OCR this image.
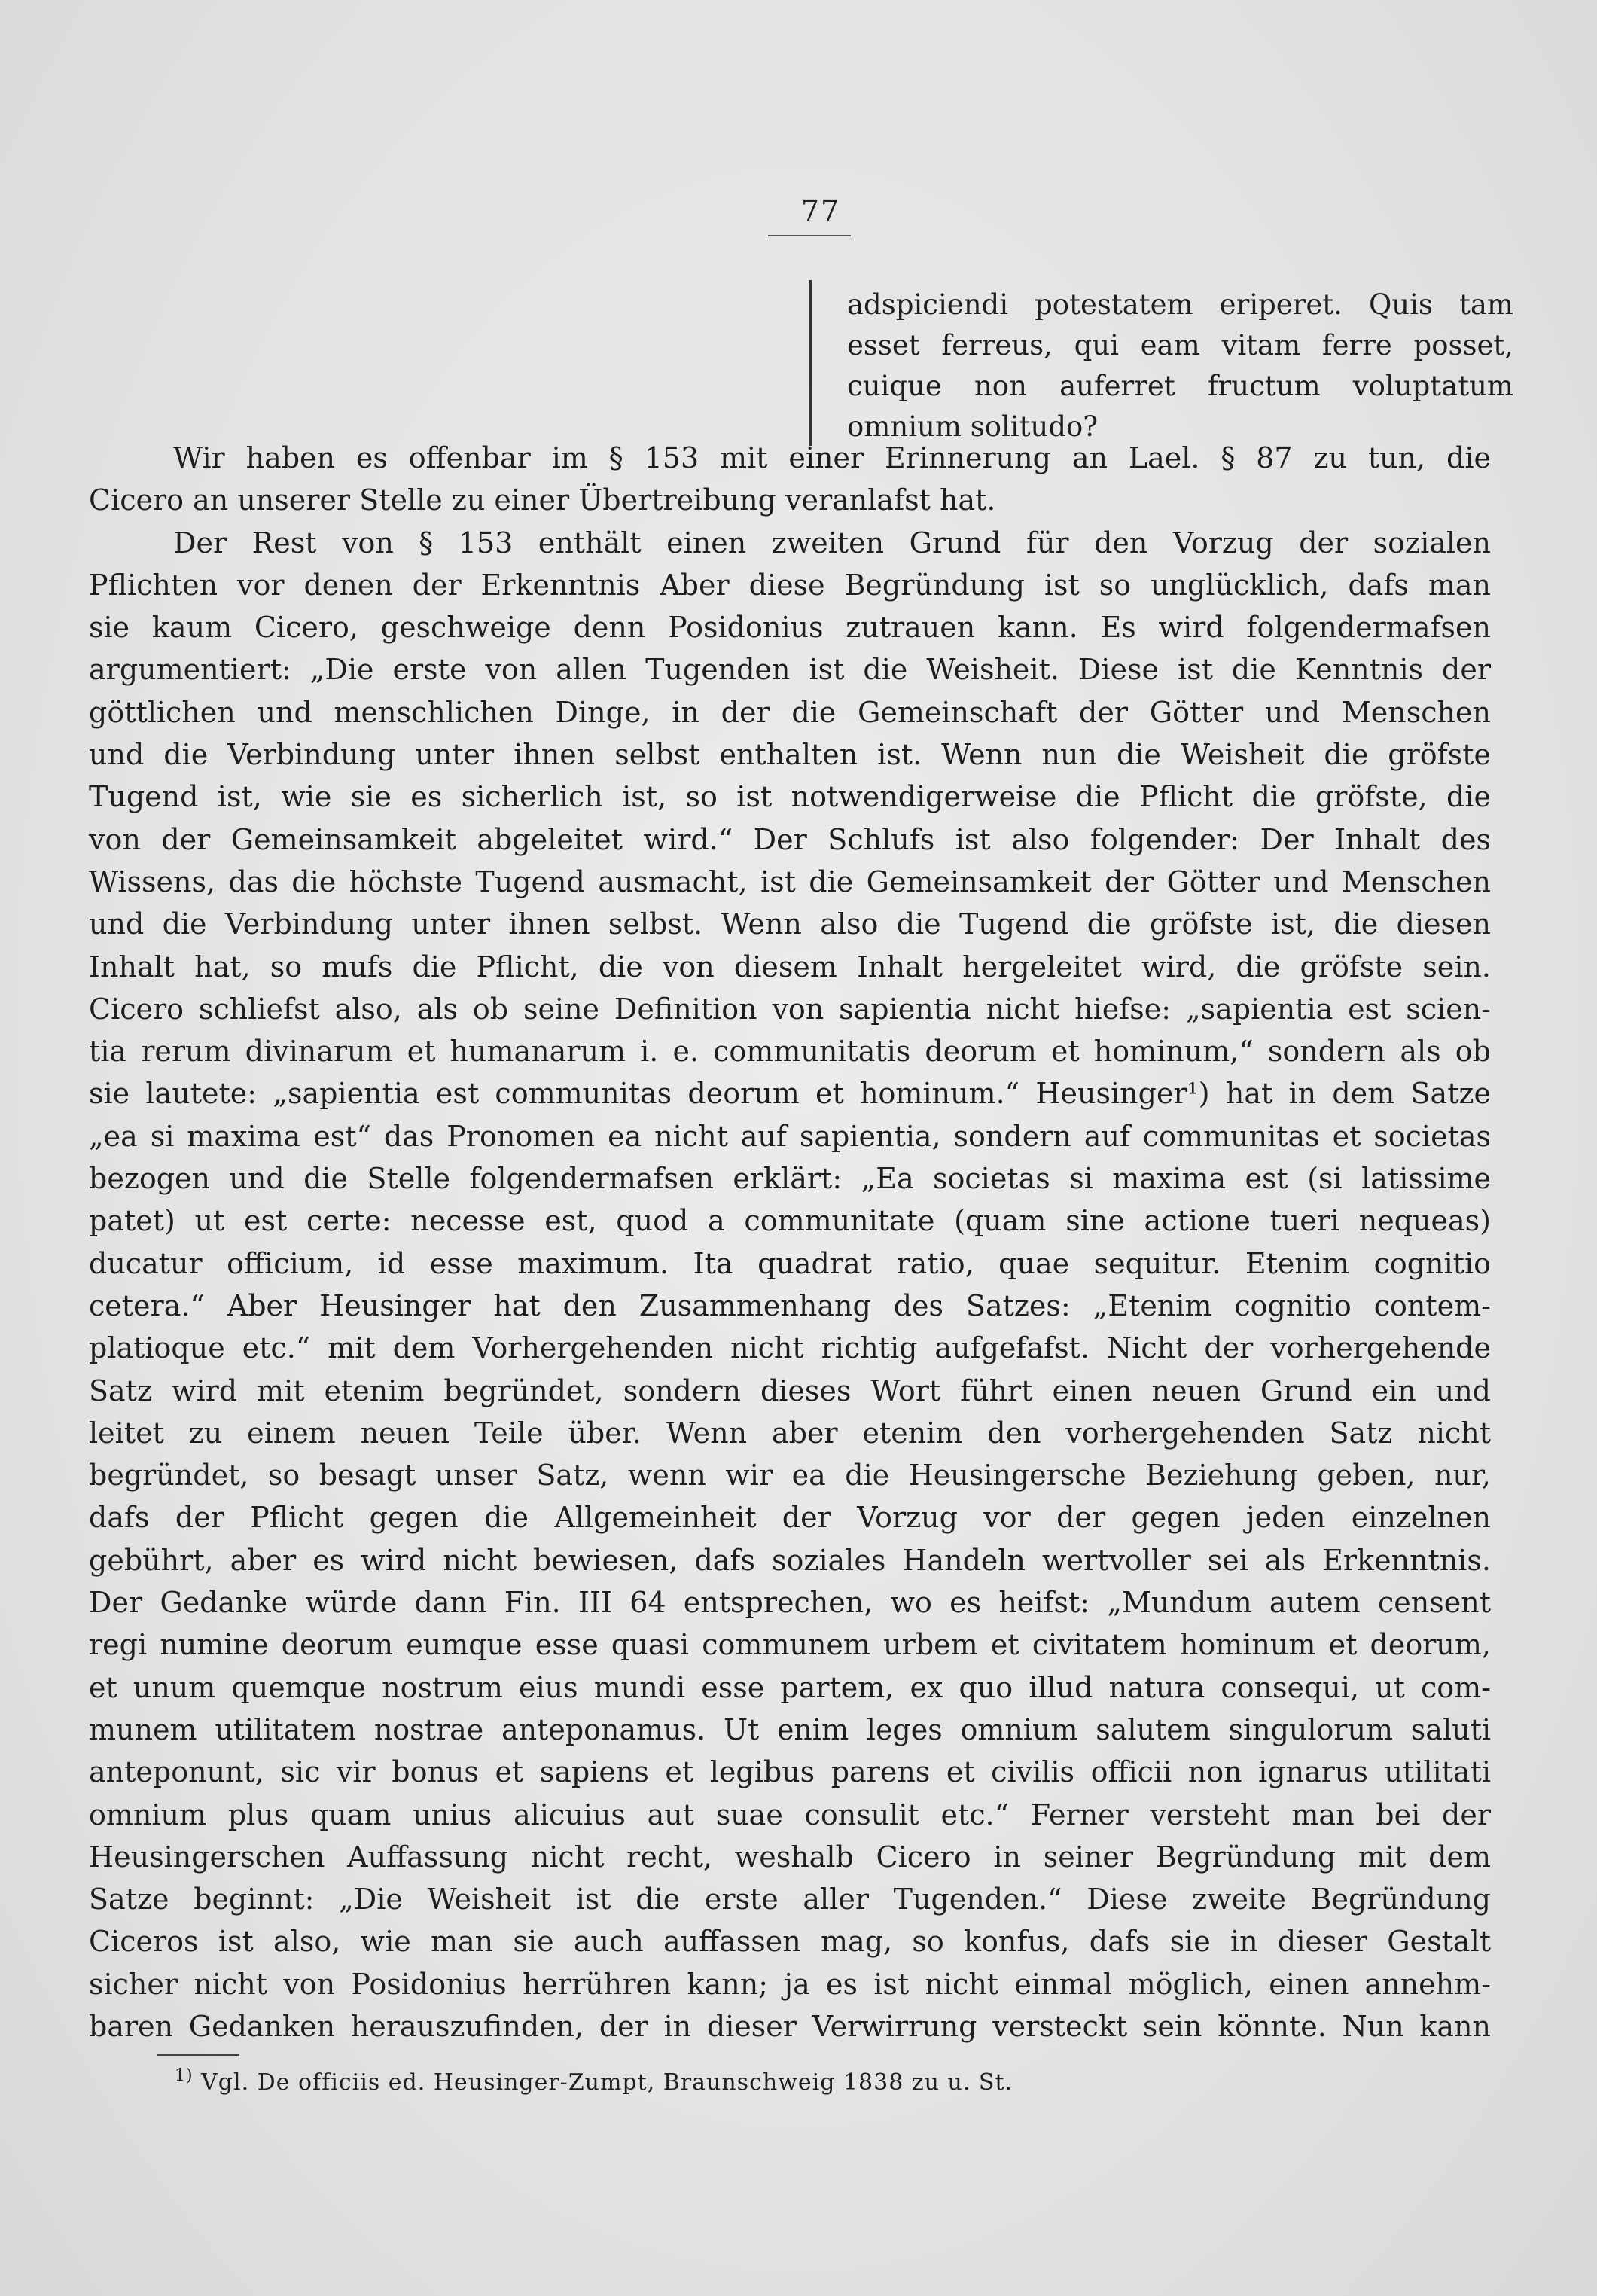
77
adspiciendi potestatem eriperet. Quis tam
esset ferreus, qui eam vitam ferre posset,
cuique non auferret fructum voluptatum
omnium solitudo?
Wir haben es offenbar im § 153 mit einer Erinnerung an Lael. § 87 zu tun, die
Cicero an unserer Stelle zu einer Übertreibung veranlafst hat.
Der Rest von § 153 enthält einen zweiten Grund für den Vorzug der sozialen
Pflichten vor denen der Erkenntnis Aber diese Begründung ist so unglücklich, dafs man
sie kaum Cicero, geschweige denn Posidonius zutrauen kann. Es wird folgendermafsen
argumentiert: „Die erste von allen Tugenden ist die Weisheit. Diese ist die Kenntnis der
göttlichen und menschlichen Dinge, in der die Gemeinschaft der Götter und Menschen
und die Verbindung unter ihnen selbst enthalten ist. Wenn nun die Weisheit die gröfste
Tugend ist, wie sie es sicherlich ist, so ist notwendigerweise die Pflicht die gröfste, die
von der Gemeinsamkeit abgeleitet wird.“ Der Schlufs ist also folgender: Der Inhalt des
Wissens, das die höchste Tugend ausmacht, ist die Gemeinsamkeit der Götter und Menschen
und die Verbindung unter ihnen selbst. Wenn also die Tugend die gröfste ist, die diesen
Inhalt hat, so mufs die Pflicht, die von diesem Inhalt hergeleitet wird, die gröfste sein.
Cicero schliefst also, als ob seine Definition von sapientia nicht hiefse: „sapientia est scien-
tia rerum divinarum et humanarum i. e. communitatis deorum et hominum,“ sondern als ob
sie lautete: „sapientia est communitas deorum et hominum.“ Heusinger¹) hat in dem Satze
„ea si maxima est“ das Pronomen ea nicht auf sapientia, sondern auf communitas et societas
bezogen und die Stelle folgendermafsen erklärt: „Ea societas si maxima est (si latissime
patet) ut est certe: necesse est, quod a communitate (quam sine actione tueri nequeas)
ducatur officium, id esse maximum. Ita quadrat ratio, quae sequitur. Etenim cognitio
cetera.“ Aber Heusinger hat den Zusammenhang des Satzes: „Etenim cognitio contem-
platioque etc.“ mit dem Vorhergehenden nicht richtig aufgefafst. Nicht der vorhergehende
Satz wird mit etenim begründet, sondern dieses Wort führt einen neuen Grund ein und
leitet zu einem neuen Teile über. Wenn aber etenim den vorhergehenden Satz nicht
begründet, so besagt unser Satz, wenn wir ea die Heusingersche Beziehung geben, nur,
dafs der Pflicht gegen die Allgemeinheit der Vorzug vor der gegen jeden einzelnen
gebührt, aber es wird nicht bewiesen, dafs soziales Handeln wertvoller sei als Erkenntnis.
Der Gedanke würde dann Fin. III 64 entsprechen, wo es heifst: „Mundum autem censent
regi numine deorum eumque esse quasi communem urbem et civitatem hominum et deorum,
et unum quemque nostrum eius mundi esse partem, ex quo illud natura consequi, ut com-
munem utilitatem nostrae anteponamus. Ut enim leges omnium salutem singulorum saluti
anteponunt, sic vir bonus et sapiens et legibus parens et civilis officii non ignarus utilitati
omnium plus quam unius alicuius aut suae consulit etc.“ Ferner versteht man bei der
Heusingerschen Auffassung nicht recht, weshalb Cicero in seiner Begründung mit dem
Satze beginnt: „Die Weisheit ist die erste aller Tugenden.“ Diese zweite Begründung
Ciceros ist also, wie man sie auch auffassen mag, so konfus, dafs sie in dieser Gestalt
sicher nicht von Posidonius herrühren kann; ja es ist nicht einmal möglich, einen annehm-
baren Gedanken herauszufinden, der in dieser Verwirrung versteckt sein könnte. Nun kann
$^{1)}$ Vgl. De officiis ed. Heusinger-Zumpt, Braunschweig 1838 zu u. St.
